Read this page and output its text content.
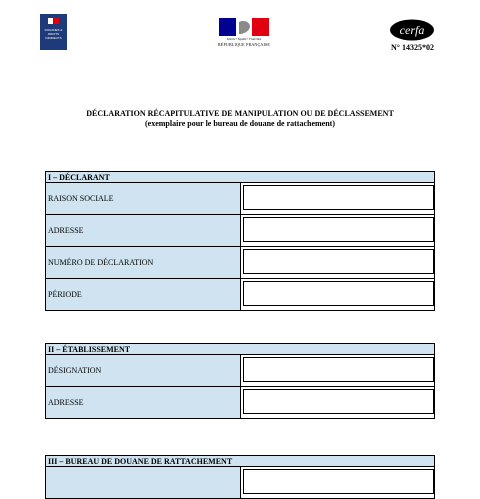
DOUANES & DROITS INDIRECTS	Liberté • Égalité • Fraternité
RÉPUBLIQUE FRANÇAISE
cerfa
N° 14325*02
DÉCLARATION RÉCAPITULATIVE DE MANIPULATION OU DE DÉCLASSEMENT
(exemplaire pour le bureau de douane de rattachement)
I – DÉCLARANT
RAISON SOCIALE
ADRESSE
NUMÉRO DE DÉCLARATION
PÉRIODE
II – ÉTABLISSEMENT
DÉSIGNATION
ADRESSE
III – BUREAU DE DOUANE DE RATTACHEMENT
